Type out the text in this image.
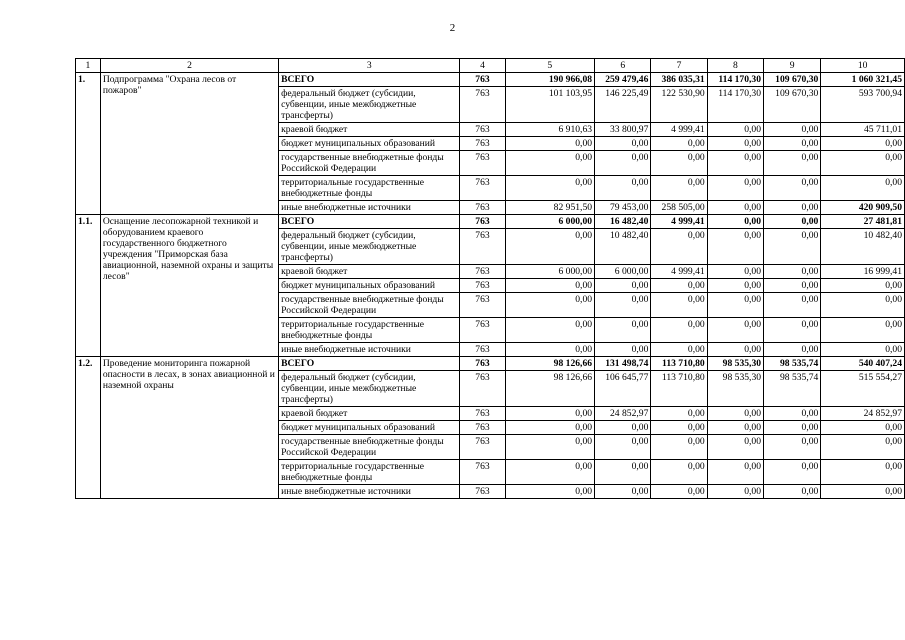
2
1	2	3	4	5	6	7	8	9	10
1.	Подпрограмма "Охрана лесов от пожаров"	ВСЕГО	763	190 966,08	259 479,46	386 035,31	114 170,30	109 670,30	1 060 321,45
		федеральный бюджет (субсидии, субвенции, иные межбюджетные трансферты)	763	101 103,95	146 225,49	122 530,90	114 170,30	109 670,30	593 700,94
		краевой бюджет	763	6 910,63	33 800,97	4 999,41	0,00	0,00	45 711,01
		бюджет муниципальных образований	763	0,00	0,00	0,00	0,00	0,00	0,00
		государственные внебюджетные фонды Российской Федерации	763	0,00	0,00	0,00	0,00	0,00	0,00
		территориальные государственные внебюджетные фонды	763	0,00	0,00	0,00	0,00	0,00	0,00
		иные внебюджетные источники	763	82 951,50	79 453,00	258 505,00	0,00	0,00	420 909,50
1.1.	Оснащение лесопожарной техникой и оборудованием краевого государственного бюджетного учреждения "Приморская база авиационной, наземной охраны и защиты лесов"	ВСЕГО	763	6 000,00	16 482,40	4 999,41	0,00	0,00	27 481,81
		федеральный бюджет (субсидии, субвенции, иные межбюджетные трансферты)	763	0,00	10 482,40	0,00	0,00	0,00	10 482,40
		краевой бюджет	763	6 000,00	6 000,00	4 999,41	0,00	0,00	16 999,41
		бюджет муниципальных образований	763	0,00	0,00	0,00	0,00	0,00	0,00
		государственные внебюджетные фонды Российской Федерации	763	0,00	0,00	0,00	0,00	0,00	0,00
		территориальные государственные внебюджетные фонды	763	0,00	0,00	0,00	0,00	0,00	0,00
		иные внебюджетные источники	763	0,00	0,00	0,00	0,00	0,00	0,00
1.2.	Проведение мониторинга пожарной опасности в лесах, в зонах авиационной и наземной охраны	ВСЕГО	763	98 126,66	131 498,74	113 710,80	98 535,30	98 535,74	540 407,24
		федеральный бюджет (субсидии, субвенции, иные межбюджетные трансферты)	763	98 126,66	106 645,77	113 710,80	98 535,30	98 535,74	515 554,27
		краевой бюджет	763	0,00	24 852,97	0,00	0,00	0,00	24 852,97
		бюджет муниципальных образований	763	0,00	0,00	0,00	0,00	0,00	0,00
		государственные внебюджетные фонды Российской Федерации	763	0,00	0,00	0,00	0,00	0,00	0,00
		территориальные государственные внебюджетные фонды	763	0,00	0,00	0,00	0,00	0,00	0,00
		иные внебюджетные источники	763	0,00	0,00	0,00	0,00	0,00	0,00
